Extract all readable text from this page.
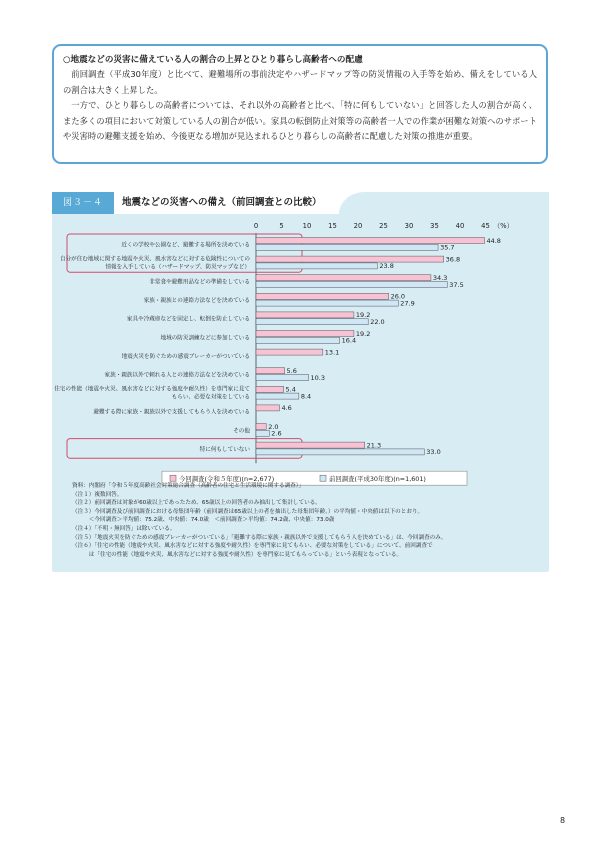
○地震などの災害に備えている人の割合の上昇とひとり暮らし高齢者への配慮

前回調査（平成30年度）と比べて、避難場所の事前決定やハザードマップ等の防災情報の入手等を始め、備えをしている人の割合は大きく上昇した。

一方で、ひとり暮らしの高齢者については、それ以外の高齢者と比べ、「特に何もしていない」と回答した人の割合が高く、また多くの項目において対策している人の割合が低い。家具の転倒防止対策等の高齢者一人での作業が困難な対策へのサポートや災害時の避難支援を始め、今後更なる増加が見込まれるひとり暮らしの高齢者に配慮した対策の推進が重要。

図３－４	地震などの災害への備え（前回調査との比較）
0	5	10 15 20 25 30 35 40 45 （%）
近くの学校や公園など、避難する場所を決めている
44.8
35.7
自分が住む地域に関する地震や火災、風水害などに対する危険性についての
情報を入手している（ハザードマップ、防災マップなど）
36.8
23.8
非常食や避難用品などの準備をしている
34.3
37.5
家族・親族との連絡方法などを決めている
26.0
27.9
家具や冷蔵庫などを固定し、転倒を防止している
19.2
22.0
地域の防災訓練などに参加している
19.2
16.4
地震火災を防ぐための感震ブレーカーがついている
13.1
家族・親族以外で頼れる人との連絡方法などを決めている
5.6
10.3
住宅の性能（地震や火災、風水害などに対する強度や耐久性）を専門家に見て
もらい、必要な対策をしている
5.4
8.4
避難する際に家族・親族以外で支援してもらう人を決めている
4.6
その他
2.0
2.6
特に何もしていない
21.3
33.0
今回調査(令和５年度)(n=2,677)	前回調査(平成30年度)(n=1,601)
資料：内閣府「令和５年度高齢社会対策総合調査（高齢者の住宅と生活環境に関する調査）」
（注１）複数回答。
（注２）前回調査は対象が60歳以上であったため、65歳以上の回答者のみ抽出して集計している。
（注３）今回調査及び前回調査における母集団年齢（前回調査は65歳以上の者を抽出した母集団年齢。）の平均値・中央値は以下のとおり。
　　　＜今回調査＞平均値：75.2歳、中央値：74.0歳　＜前回調査＞平均値：74.2歳、中央値：73.0歳
（注４）「不明・無回答」は除いている。
（注５）「地震火災を防ぐための感震ブレーカーがついている」「避難する際に家族・親族以外で支援してもらう人を決めている」は、今回調査のみ。
（注６）「住宅の性能（地震や火災、風水害などに対する強度や耐久性）を専門家に見てもらい、必要な対策をしている」について、前回調査で
　　　は「住宅の性能（地震や火災、風水害などに対する強度や耐久性）を専門家に見てもらっている」という表現となっている。
8
